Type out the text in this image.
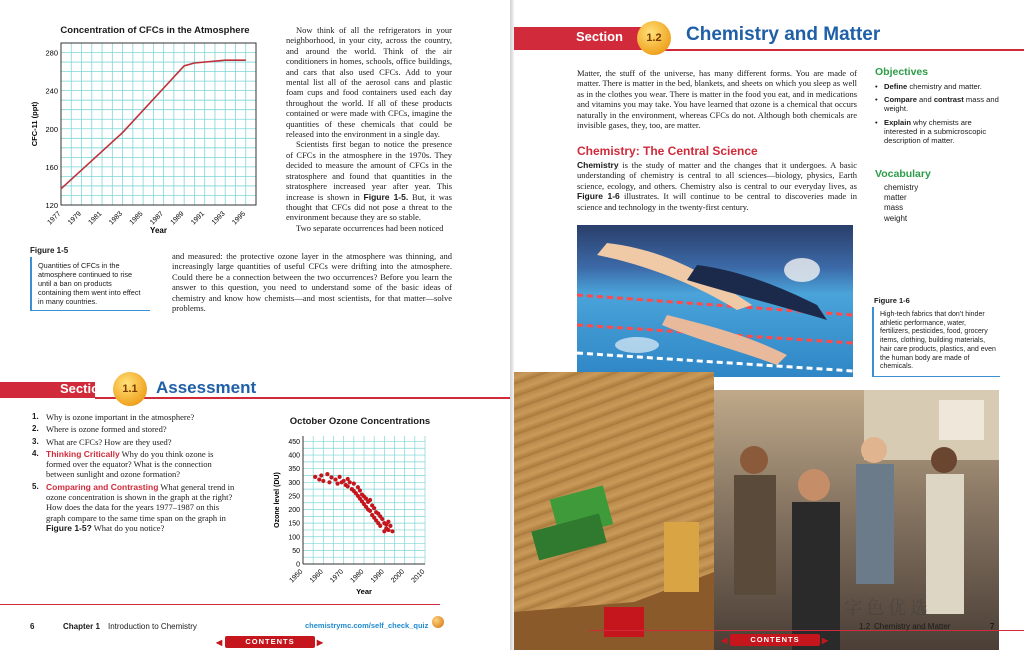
Concentration of CFCs in the Atmosphere
280
240
200
160
120
1977 1979 1981 1983 1985 1987 1989 1991 1993 1995
Year
CFC-11 (ppt)
Figure 1-5
Quantities of CFCs in the atmosphere continued to rise until a ban on products containing them went into effect in many countries.

Now think of all the refrigerators in your neighborhood, in your city, across the country, and around the world. Think of the air conditioners in homes, schools, office buildings, and cars that also used CFCs. Add to your mental list all of the aerosol cans and plastic foam cups and food containers used each day throughout the world. If all of these products contained or were made with CFCs, imagine the quantities of these chemicals that could be released into the environment in a single day.

Scientists first began to notice the presence of CFCs in the atmosphere in the 1970s. They decided to measure the amount of CFCs in the stratosphere and found that quantities in the stratosphere increased year after year. This increase is shown in Figure 1-5. But, it was thought that CFCs did not pose a threat to the environment because they are so stable.

Two separate occurrences had been noticed

and measured: the protective ozone layer in the atmosphere was thinning, and increasingly large quantities of useful CFCs were drifting into the atmosphere. Could there be a connection between the two occurrences? Before you learn the answer to this question, you need to understand some of the basic ideas of chemistry and know how chemists—and most scientists, for that matter—solve problems.
Section	1.1	Assessment
1. Why is ozone important in the atmosphere?
2. Where is ozone formed and stored?
3. What are CFCs? How are they used?
4. Thinking Critically Why do you think ozone is formed over the equator? What is the connection between sunlight and ozone formation?
5. Comparing and Contrasting What general trend in ozone concentration is shown in the graph at the right? How does the data for the years 1977–1987 on this graph compare to the same time span on the graph in Figure 1-5? What do you notice?
October Ozone Concentrations
450
400
350
300
250
200
150
100
50
0
1950 1960 1970 1980 1990 2000 2010
Year
Ozone level (DU)
6	Chapter 1 Introduction to Chemistry	chemistrymc.com/self_check_quiz
◀	CONTENTS	▶
Section	1.2	Chemistry and Matter
Matter, the stuff of the universe, has many different forms. You are made of matter. There is matter in the bed, blankets, and sheets on which you sleep as well as in the clothes you wear. There is matter in the food you eat, and in medications and vitamins you may take. You have learned that ozone is a chemical that occurs naturally in the environment, whereas CFCs do not. Although both chemicals are invisible gases, they, too, are matter.
Chemistry: The Central Science
Chemistry is the study of matter and the changes that it undergoes. A basic understanding of chemistry is central to all sciences—biology, physics, Earth science, ecology, and others. Chemistry also is central to our everyday lives, as Figure 1-6 illustrates. It will continue to be central to discoveries made in science and technology in the twenty-first century.
Objectives
• Define chemistry and matter.
• Compare and contrast mass and weight.
• Explain why chemists are interested in a submicroscopic description of matter.
Vocabulary
chemistry
matter
mass
weight
Figure 1-6
High-tech fabrics that don’t hinder athletic performance, water, fertilizers, pesticides, food, grocery items, clothing, building materials, hair care products, plastics, and even the human body are made of chemicals.
1.2 Chemistry and Matter	7
◀	CONTENTS	▶
字色优选
